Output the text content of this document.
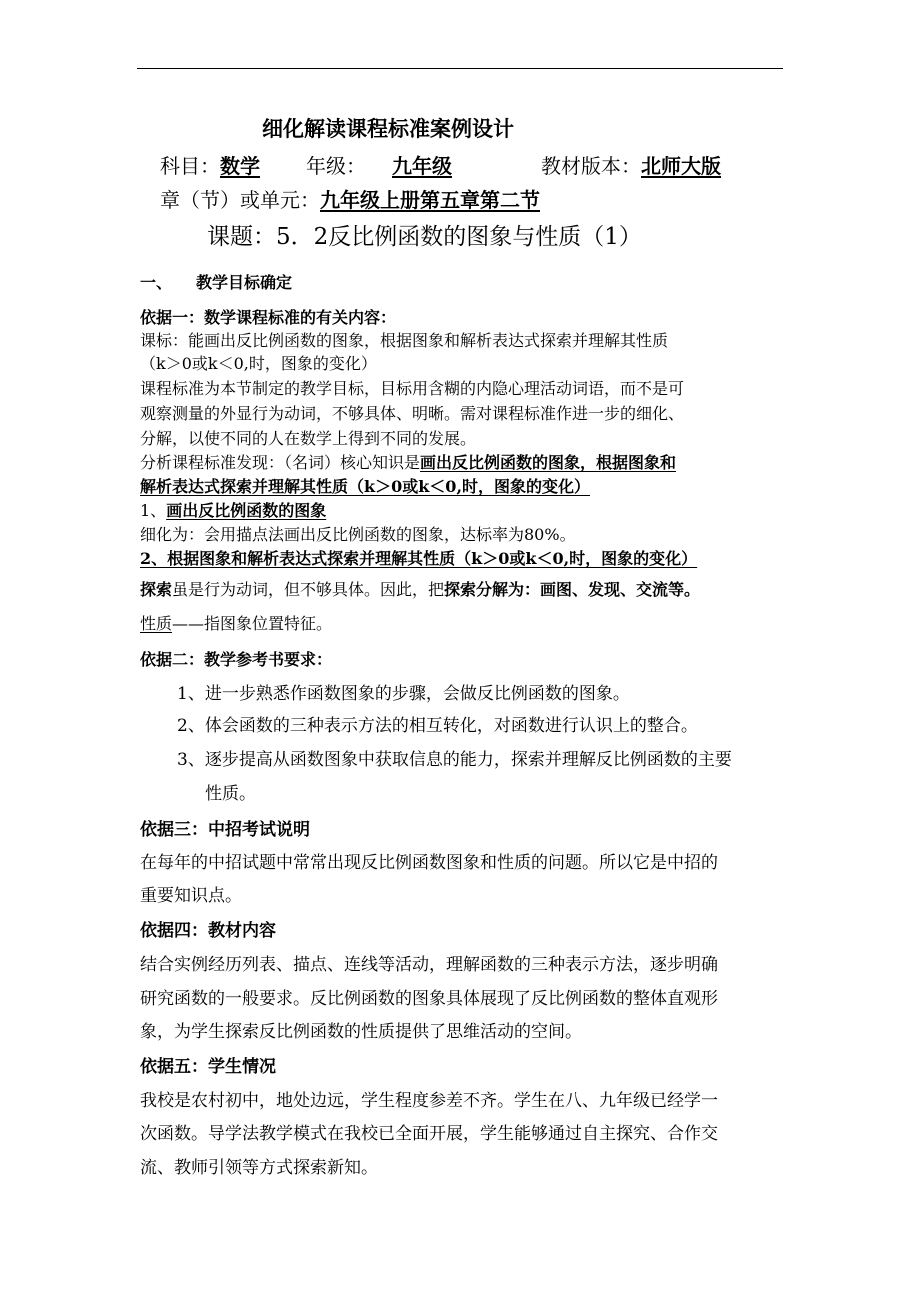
细化解读课程标准案例设计
科目：数学 年级： 九年级	教材版本：北师大版
章（节）或单元：九年级上册第五章第二节
课题：5．2反比例函数的图象与性质（1）
一、 教学目标确定
依据一：数学课程标准的有关内容：
课标：能画出反比例函数的图象，根据图象和解析表达式探索并理解其性质
（k＞0或k＜0,时，图象的变化）
课程标准为本节制定的教学目标，目标用含糊的内隐心理活动词语，而不是可
观察测量的外显行为动词，不够具体、明晰。需对课程标准作进一步的细化、
分解，以使不同的人在数学上得到不同的发展。
分析课程标准发现：（名词）核心知识是画出反比例函数的图象，根据图象和
解析表达式探索并理解其性质（k＞0或k＜0,时，图象的变化）
1、画出反比例函数的图象
细化为：会用描点法画出反比例函数的图象，达标率为80%。
2、根据图象和解析表达式探索并理解其性质（k＞0或k＜0,时，图象的变化）
探索虽是行为动词，但不够具体。因此，把探索分解为：画图、发现、交流等。
性质——指图象位置特征。
依据二：教学参考书要求：
1、进一步熟悉作函数图象的步骤，会做反比例函数的图象。
2、体会函数的三种表示方法的相互转化，对函数进行认识上的整合。
3、逐步提高从函数图象中获取信息的能力，探索并理解反比例函数的主要
性质。
依据三：中招考试说明
在每年的中招试题中常常出现反比例函数图象和性质的问题。所以它是中招的
重要知识点。
依据四：教材内容
结合实例经历列表、描点、连线等活动，理解函数的三种表示方法，逐步明确
研究函数的一般要求。反比例函数的图象具体展现了反比例函数的整体直观形
象，为学生探索反比例函数的性质提供了思维活动的空间。
依据五：学生情况
我校是农村初中，地处边远，学生程度参差不齐。学生在八、九年级已经学一
次函数。导学法教学模式在我校已全面开展，学生能够通过自主探究、合作交
流、教师引领等方式探索新知。
